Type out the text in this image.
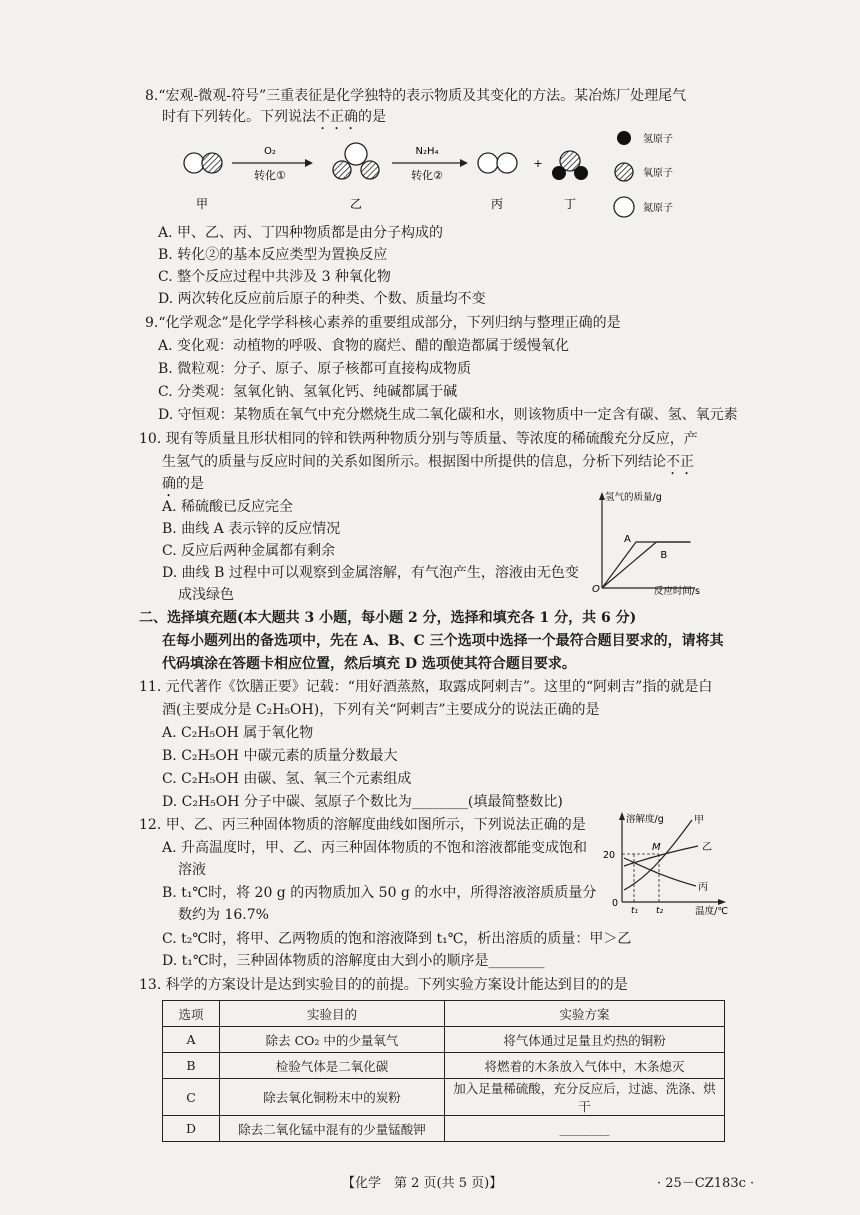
8.“宏观-微观-符号”三重表征是化学独特的表示物质及其变化的方法。某冶炼厂处理尾气
时有下列转化。下列说法不正确的是
O₂
转化①
N₂H₄
转化②
+
甲	乙	丙	丁
氢原子
氧原子
氮原子
A. 甲、乙、丙、丁四种物质都是由分子构成的
B. 转化②的基本反应类型为置换反应
C. 整个反应过程中共涉及 3 种氧化物
D. 两次转化反应前后原子的种类、个数、质量均不变
9.“化学观念”是化学学科核心素养的重要组成部分，下列归纳与整理正确的是
A. 变化观：动植物的呼吸、食物的腐烂、醋的酿造都属于缓慢氧化
B. 微粒观：分子、原子、原子核都可直接构成物质
C. 分类观：氢氧化钠、氢氧化钙、纯碱都属于碱
D. 守恒观：某物质在氧气中充分燃烧生成二氧化碳和水，则该物质中一定含有碳、氢、氧元素
10. 现有等质量且形状相同的锌和铁两种物质分别与等质量、等浓度的稀硫酸充分反应，产
生氢气的质量与反应时间的关系如图所示。根据图中所提供的信息，分析下列结论不正
确的是
A. 稀硫酸已反应完全
B. 曲线 A 表示锌的反应情况
C. 反应后两种金属都有剩余
D. 曲线 B 过程中可以观察到金属溶解，有气泡产生，溶液由无色变
成浅绿色
氢气的质量/g
反应时间/s
O
A
B
二、选择填充题(本大题共 3 小题，每小题 2 分，选择和填充各 1 分，共 6 分)
在每小题列出的备选项中，先在 A、B、C 三个选项中选择一个最符合题目要求的，请将其
代码填涂在答题卡相应位置，然后填充 D 选项使其符合题目要求。
11. 元代著作《饮膳正要》记载：“用好酒蒸熬，取露成阿剌吉”。这里的“阿剌吉”指的就是白
酒(主要成分是 C₂H₅OH)，下列有关“阿剌吉”主要成分的说法正确的是
A. C₂H₅OH 属于氧化物
B. C₂H₅OH 中碳元素的质量分数最大
C. C₂H₅OH 由碳、氢、氧三个元素组成
D. C₂H₅OH 分子中碳、氢原子个数比为________(填最简整数比)
12. 甲、乙、丙三种固体物质的溶解度曲线如图所示，下列说法正确的是
A. 升高温度时，甲、乙、丙三种固体物质的不饱和溶液都能变成饱和
溶液
B. t₁℃时，将 20 g 的丙物质加入 50 g 的水中，所得溶液溶质质量分
数约为 16.7%
C. t₂℃时，将甲、乙两物质的饱和溶液降到 t₁℃，析出溶质的质量：甲＞乙
D. t₁℃时，三种固体物质的溶解度由大到小的顺序是________
溶解度/g
温度/℃
0
20
t₁ t₂
M
甲
乙
丙
13. 科学的方案设计是达到实验目的的前提。下列实验方案设计能达到目的的是
选项	实验目的	实验方案
A	除去 CO₂ 中的少量氧气	将气体通过足量且灼热的铜粉
B	检验气体是二氧化碳	将燃着的木条放入气体中，木条熄灭
C	除去氧化铜粉末中的炭粉	加入足量稀硫酸，充分反应后，过滤、洗涤、烘干
D	除去二氧化锰中混有的少量锰酸钾	________
【化学　第 2 页(共 5 页)】	· 25－CZ183c ·
